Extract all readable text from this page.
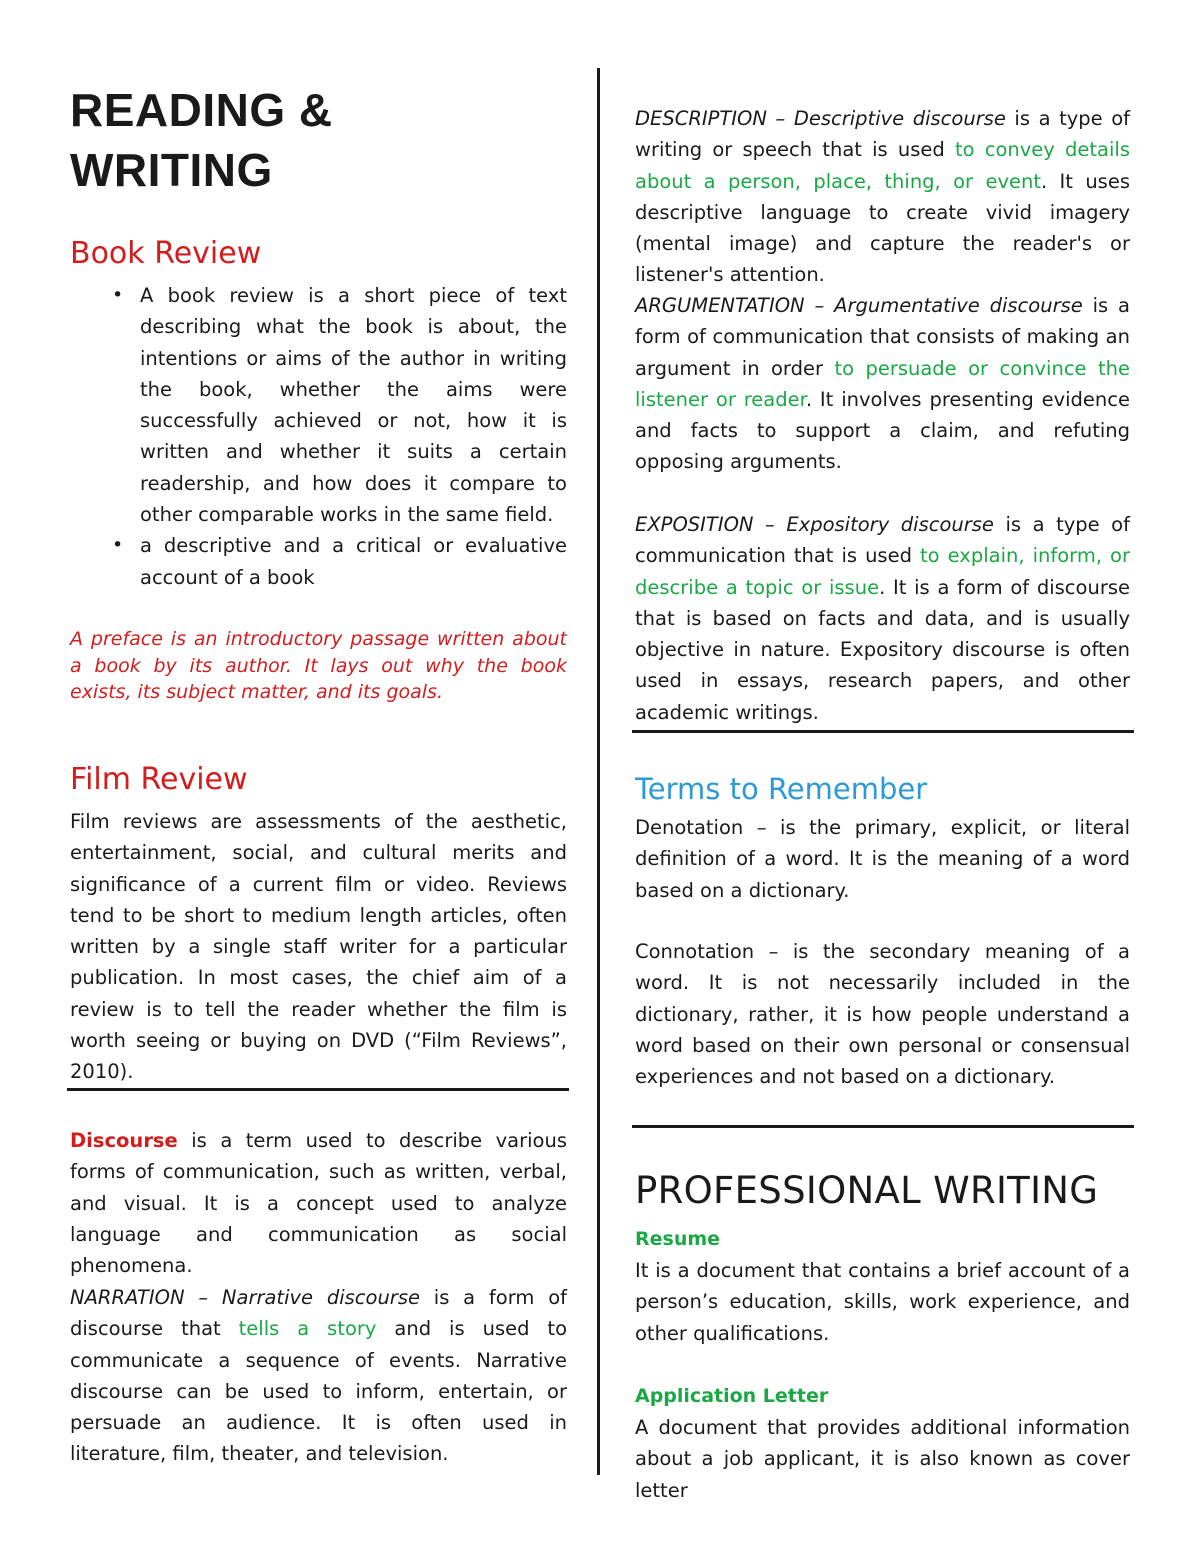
READING &
WRITING
Book Review
• A book review is a short piece of text describing what the book is about, the intentions or aims of the author in writing the book, whether the aims were successfully achieved or not, how it is written and whether it suits a certain readership, and how does it compare to other comparable works in the same field.
• a descriptive and a critical or evaluative account of a book

A preface is an introductory passage written about a book by its author. It lays out why the book exists, its subject matter, and its goals.

Film Review

Film reviews are assessments of the aesthetic, entertainment, social, and cultural merits and significance of a current film or video. Reviews tend to be short to medium length articles, often written by a single staff writer for a particular publication. In most cases, the chief aim of a review is to tell the reader whether the film is worth seeing or buying on DVD (“Film Reviews”, 2010).

Discourse is a term used to describe various forms of communication, such as written, verbal, and visual. It is a concept used to analyze language and communication as social phenomena.

NARRATION – Narrative discourse is a form of discourse that tells a story and is used to communicate a sequence of events. Narrative discourse can be used to inform, entertain, or persuade an audience. It is often used in literature, film, theater, and television.

DESCRIPTION – Descriptive discourse is a type of writing or speech that is used to convey details about a person, place, thing, or event. It uses descriptive language to create vivid imagery (mental image) and capture the reader's or listener's attention.

ARGUMENTATION – Argumentative discourse is a form of communication that consists of making an argument in order to persuade or convince the listener or reader. It involves presenting evidence and facts to support a claim, and refuting opposing arguments.

EXPOSITION – Expository discourse is a type of communication that is used to explain, inform, or describe a topic or issue. It is a form of discourse that is based on facts and data, and is usually objective in nature. Expository discourse is often used in essays, research papers, and other academic writings.

Terms to Remember

Denotation – is the primary, explicit, or literal definition of a word. It is the meaning of a word based on a dictionary.

Connotation – is the secondary meaning of a word. It is not necessarily included in the dictionary, rather, it is how people understand a word based on their own personal or consensual experiences and not based on a dictionary.

PROFESSIONAL WRITING
Resume

It is a document that contains a brief account of a person’s education, skills, work experience, and other qualifications.

Application Letter

A document that provides additional information about a job applicant, it is also known as cover letter
